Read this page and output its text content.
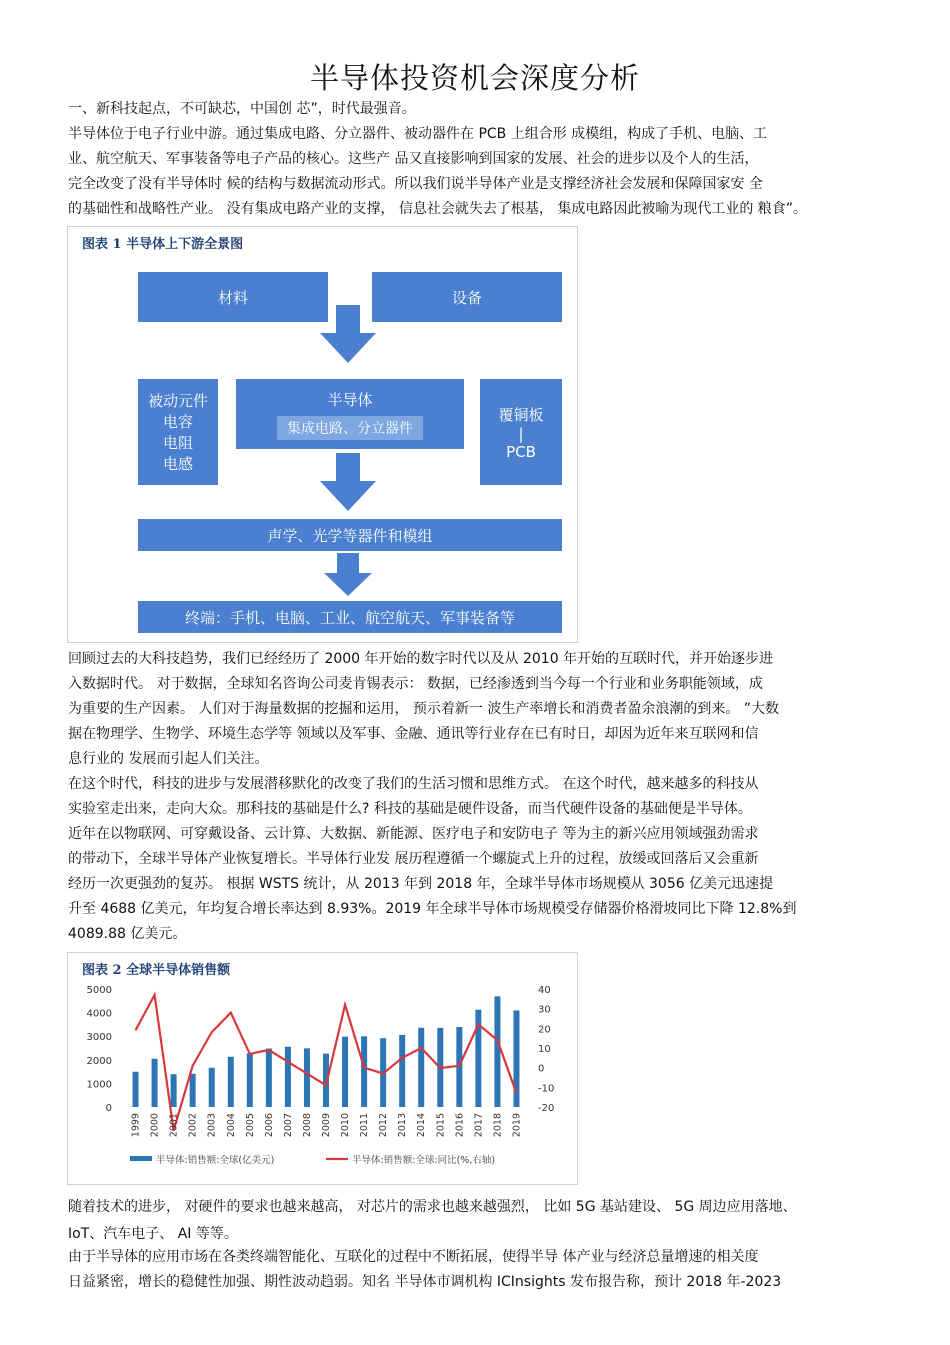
半导体投资机会深度分析
一、新科技起点，不可缺芯，中国创 芯”，时代最强音。
半导体位于电子行业中游。通过集成电路、分立器件、被动器件在 PCB 上组合形 成模组，构成了手机、电脑、工
业、航空航天、军事装备等电子产品的核心。这些产 品又直接影响到国家的发展、社会的进步以及个人的生活，
完全改变了没有半导体时 候的结构与数据流动形式。所以我们说半导体产业是支撑经济社会发展和保障国家安 全
的基础性和战略性产业。 没有集成电路产业的支撑， 信息社会就失去了根基， 集成电路因此被喻为现代工业的 粮食”。
图表 1 半导体上下游全景图
材料	设备
被动元件
电容
电阻
电感
半导体
集成电路、分立器件
覆铜板
|
PCB
声学、光学等器件和模组
终端：手机、电脑、工业、航空航天、军事装备等
回顾过去的大科技趋势，我们已经经历了 2000 年开始的数字时代以及从 2010 年开始的互联时代，并开始逐步进
入数据时代。 对于数据，全球知名咨询公司麦肯锡表示： 数据，已经渗透到当今每一个行业和业务职能领域，成
为重要的生产因素。 人们对于海量数据的挖掘和运用， 预示着新一 波生产率增长和消费者盈余浪潮的到来。 ”大数
据在物理学、生物学、环境生态学等 领域以及军事、金融、通讯等行业存在已有时日，却因为近年来互联网和信
息行业的 发展而引起人们关注。
在这个时代，科技的进步与发展潜移默化的改变了我们的生活习惯和思维方式。 在这个时代，越来越多的科技从
实验室走出来，走向大众。那科技的基础是什么? 科技的基础是硬件设备，而当代硬件设备的基础便是半导体。
近年在以物联网、可穿戴设备、云计算、大数据、新能源、医疗电子和安防电子 等为主的新兴应用领域强劲需求
的带动下，全球半导体产业恢复增长。半导体行业发 展历程遵循一个螺旋式上升的过程，放缓或回落后又会重新
经历一次更强劲的复苏。 根据 WSTS 统计，从 2013 年到 2018 年，全球半导体市场规模从 3056 亿美元迅速提
升至 4688 亿美元，年均复合增长率达到 8.93%。2019 年全球半导体市场规模受存储器价格滑坡同比下降 12.8%到
4089.88 亿美元。
图表 2 全球半导体销售额
0
1000
2000
3000
4000
5000
-20
-10
0
10
20
30
40
1999 2000 2001 2002 2003 2004 2005 2006 2007 2008 2009 2010 2011 2012 2013 2014 2015 2016 2017 2018 2019
半导体:销售额:全球(亿美元)	半导体:销售额:全球:同比(%,右轴)
随着技术的进步， 对硬件的要求也越来越高， 对芯片的需求也越来越强烈， 比如 5G 基站建设、 5G 周边应用落地、
IoT、汽车电子、 AI 等等。
由于半导体的应用市场在各类终端智能化、互联化的过程中不断拓展，使得半导 体产业与经济总量增速的相关度
日益紧密，增长的稳健性加强、期性波动趋弱。知名 半导体市调机构 ICInsights 发布报告称，预计 2018 年-2023
